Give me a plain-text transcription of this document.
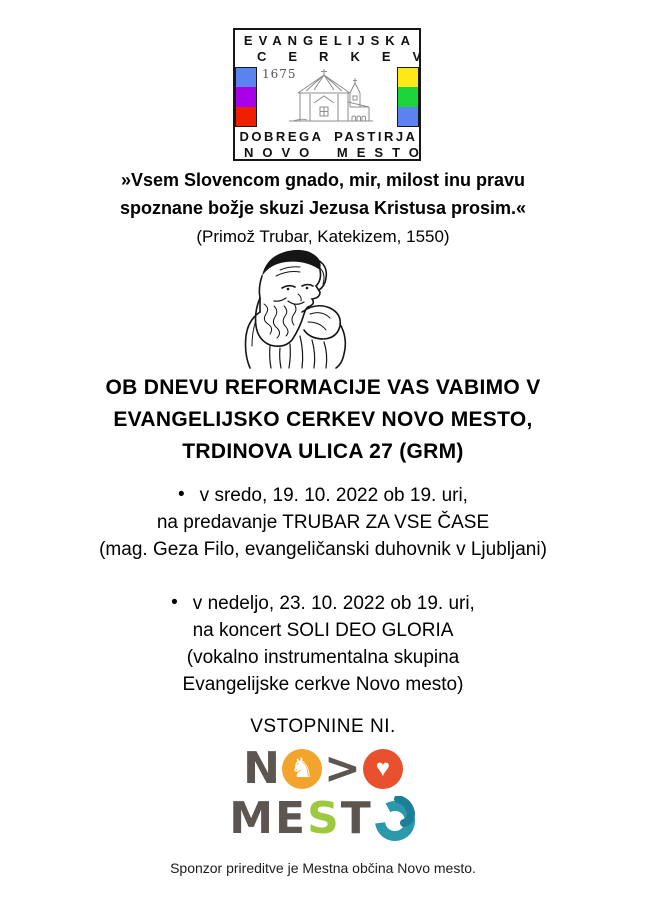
EVANGELIJSKA
CERKEV
1675
DOBREGA PASTIRJA
NOVO MESTO
»Vsem Slovencom gnado, mir, milost inu pravu
spoznane božje skuzi Jezusa Kristusa prosim.«
(Primož Trubar, Katekizem, 1550)
OB DNEVU REFORMACIJE VAS VABIMO V
EVANGELIJSKO CERKEV NOVO MESTO,
TRDINOVA ULICA 27 (GRM)
• v sredo, 19. 10. 2022 ob 19. uri,
na predavanje TRUBAR ZA VSE ČASE
(mag. Geza Filo, evangeličanski duhovnik v Ljubljani)
• v nedeljo, 23. 10. 2022 ob 19. uri,
na koncert SOLI DEO GLORIA
(vokalno instrumentalna skupina
Evangelijske cerkve Novo mesto)
VSTOPNINE NI.
N ♞ > ♥
M E S T
Sponzor prireditve je Mestna občina Novo mesto.
